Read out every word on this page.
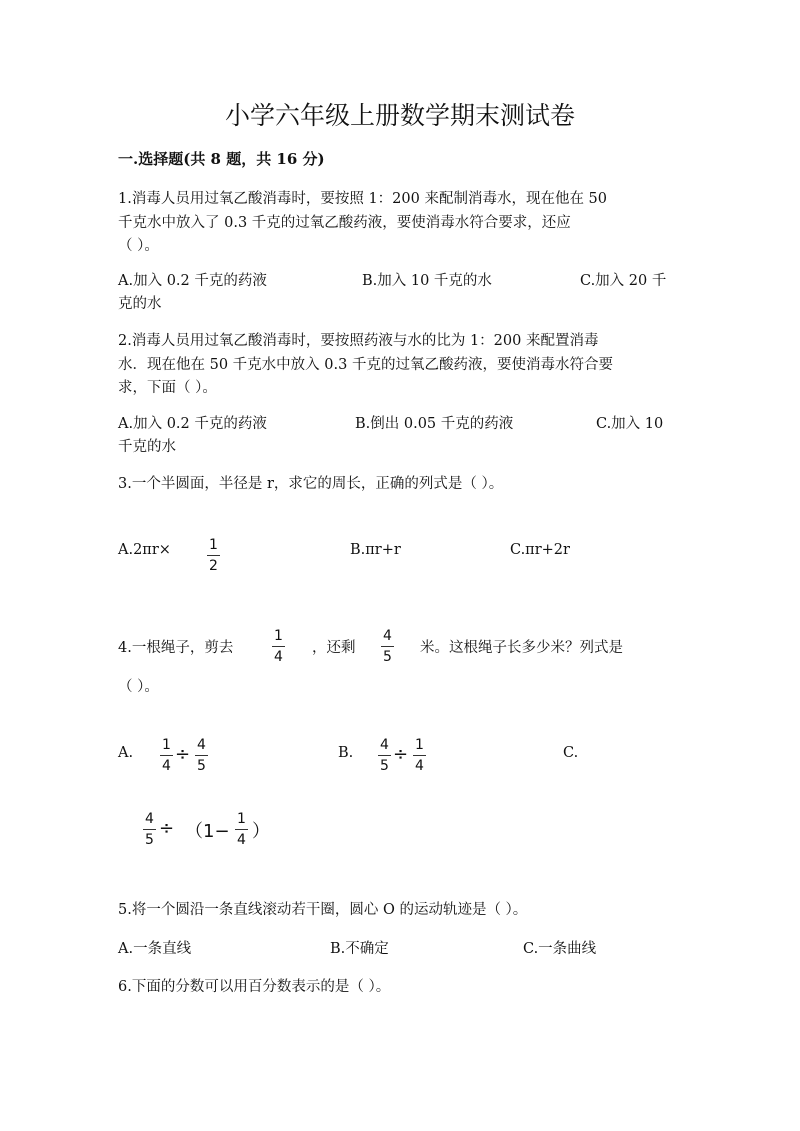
小学六年级上册数学期末测试卷
一.选择题(共 8 题，共 16 分)
1.消毒人员用过氧乙酸消毒时，要按照 1：200 来配制消毒水，现在他在 50
千克水中放入了 0.3 千克的过氧乙酸药液，要使消毒水符合要求，还应
（ ）。
A.加入 0.2 千克的药液	B.加入 10 千克的水	C.加入 20 千
克的水
2.消毒人员用过氧乙酸消毒时，要按照药液与水的比为 1：200 来配置消毒
水．现在他在 50 千克水中放入 0.3 千克的过氧乙酸药液，要使消毒水符合要
求，下面（ ）。
A.加入 0.2 千克的药液	B.倒出 0.05 千克的药液	C.加入 10
千克的水
3.一个半圆面，半径是 r，求它的周长，正确的列式是（ ）。
A.2πr×	1
2
B.πr+r	C.πr+2r
4.一根绳子，剪去
1
4
，还剩
4
5
米。这根绳子长多少米？列式是
（ ）。
A. 1
4
÷ 4
5
B. 4
5
÷ 1
4
C.
4
5
÷ （1−
1
4 ）
5.将一个圆沿一条直线滚动若干圈，圆心 O 的运动轨迹是（ ）。
A.一条直线	B.不确定	C.一条曲线
6.下面的分数可以用百分数表示的是（ ）。
